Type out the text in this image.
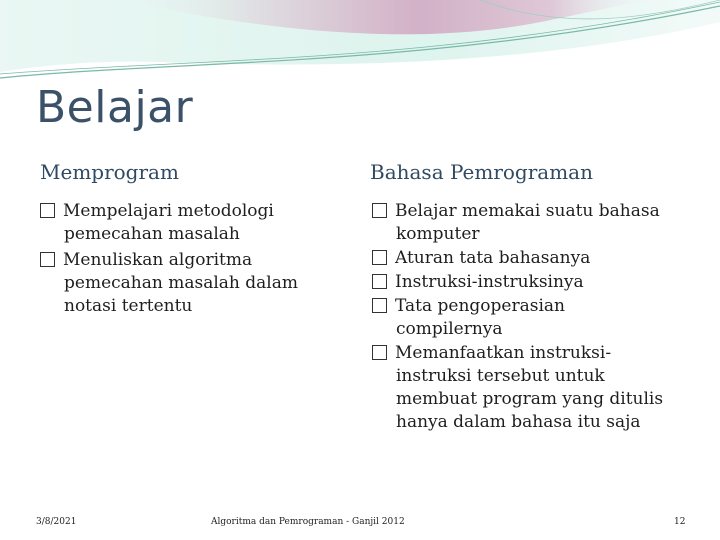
Belajar
Memprogram	Bahasa Pemrograman
Mempelajari metodologi pemecahan masalah
Menuliskan algoritma pemecahan masalah dalam notasi tertentu
Belajar memakai suatu bahasa komputer
Aturan tata bahasanya
Instruksi-instruksinya
Tata pengoperasian compilernya
Memanfaatkan instruksi-instruksi tersebut untuk membuat program yang ditulis hanya dalam bahasa itu saja
3/8/2021	Algoritma dan Pemrograman - Ganjil 2012	12
